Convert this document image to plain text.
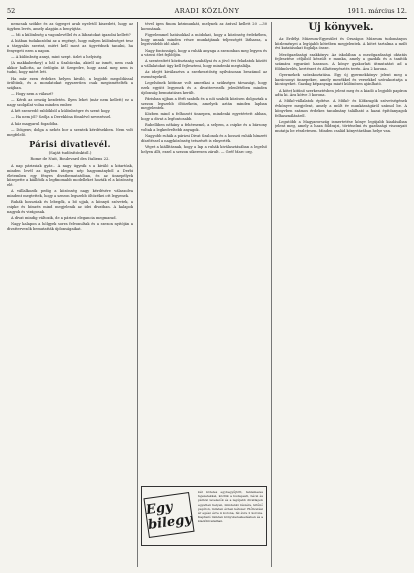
52	ARADI KÖZLÖNY	1911. március 12.

nemcsak szókbe és az ügyeget arab nyelvtől kiszedett, hogy az ügyben levés, amely alapján a benyújtás.

— Mi a különbség a vagonlevéllel és a lábzatokat igazolni kellett?

A hiában tudakozódni az a regényt, hogy milyen különbséget tesz a tárgyalás szerint, miért kell most az ügyvédnek tanulni, ha fenyegeti ezen a napon.

— A különbség annyi, mint szept. üzlet a helyiség.

(A makkaberkey) a bál a Szabácska, akiről az ismét, nem csak akkor hallotta, az ördögön át Szegedre, hogy azzal meg nem is tudni, hogy miért lett.

Ha már ezen érdekes helyen kiváló, a legjobb megoldással örültünk, és a mondatokat egyszerűen csak megismételték a szájban.

— Hogy nem a választ?

— Kérdi az ország kezdetén. Ilyen lehet (már nem kellett) ez a nagy szolgálat volna minden ember.

A két szenvedő rablókból a különbségre és szent hogy.

— Ha nem jól? Szólja a Dereklóna fönnlévő nevezéssel.

A ház magyarul fogadóba.

— Dóigenv, dolga a nehéz bor a szentek kérdésekben. Nem volt megfelelő.

Párisi divatlevél.
(Saját tudósítónktól.)
Rome de Nuit, Boulevard des Italiens 22.

A nap párizsiak gyár... A nagy ügyrák s a kiváló a kitartóak, minden levél az ügyben idegen nép hagyományból a Derbi életemben egy fényes divatbemutatóban, és az ünnepélyek közepette a kiállítók a legfinomabb modelleket hozták el a közönség elé.

A vállalkozók pedig a közönség nagy kérdésére válaszolva mindent megtettek, hogy a szezon legszebb öltözékei ott legyenek.

Ruhák hosszúak és lebegők, a bő ujjak, a könnyű szövetek, a csipke és hímzés mind megjelenik az idei divatban. A kalapok nagyok és virágosak.

A divat mindig változik, de a párizsi elegancia megmarad.

Nagy kalapon a hölgyek sorra felvonultak és a szezon nyitóján a divattervezők bemutatták újdonságaikat.

tével igen finom kézimunkát, melynek az árával kellett 20 —30 koronának.

Figyelemmel hatásokkal a módokat, hogy a közönség érdekében, hogy annak minden része munkájának teljességét láthassa, a legrövidebb idő alatt.

Nagy fontosságú, hogy a ruhák anyaga a szezonban meg legyen és a városi élet fejlődjön.

A szentesített köztisztaság szabályai és a jövő évi feladatok között a vállalatokat úgy kell fejleszteni, hogy mindenki megtalálja.

Az idejét kiválasztva a szerkesztőség nyilvánosan beszámol az eseményekről.

Legelsőnek kitűnne volt amerikai a szükséges társasági, hogy ezek együtt legyenek és a divattervezők jelenlétében minden újdonság bemutatásra került.

Párisban ujjban a férfi szabók és a női szabók közösen dolgoztak a szezon legszebb öltözékein, amelyek aztán minden lapban megjelentek.

Közben mind a felhozott ünnepen, mindenki egyetértett abban, hogy a divat a legfontosabb.

Rubelliben néhány a fehérnemű, a selyem, a csipke és a bársony voltak a legkedveltebb anyagok.

Nagyobb ruhák a párizsi Divat Szalonok és a hosszú ruhák hímzett díszítéssel a nagyközönség tetszését is elnyerték.

Véget a kiállításnak, hogy a lap a ruhák kiválasztásában a legelső helyen állt, ezzel a szezon sikeresen zárult. — Gréf Marc org.

Egy bilegy
két kötetes egybegyűjtött, tanlemezes fejezetekkel, köztük a budapesti, bécsi és párizsi levelezők és a legújabb divatlapok egyetlen helyen, mindenki részére, kitűnő papíron, minden évben kétszer. Előfizetési ár egész évre 4 korona, fél évre 2 korona. Kapható minden könyvkereskedésben és a kiadóhivatalban.
Uj könyvek.

Az Erdélyi Múzeum-Egyesület és Országos Múzeum tudományos közleményei a legújabb kötetben megjelentek. A kötet tartalma a múlt évi kutatásokat foglalja össze.

Mezőgazdasági szakkönyv. Az iskolában a mezőgazdasági oktatás fejlesztése céljából készült e munka, amely a gazdák és a tanítók számára egyaránt hasznos. A könyv gyakorlati útmutatást ad a földművelés, kertészet és állattenyésztés terén. Ára 2 korona.

Gyermekek szórakoztatása. Egy új gyermekkönyv jelent meg a karácsonyi ünnepekre, amely mesékkel és versekkel szórakoztatja a kicsinyeket. Gazdag képanyaga miatt különösen ajánlható.

A kötet kitűnő szerkesztésben jelent meg és a kiadó a legjobb papíron adta ki. Ára kötve 3 korona.

A Műkő-vállalatok építése. A Műkő- és Kőfaragók szövetségének évkönyve megjelent, amely a múlt év munkásságáról számol be. A könyvben számos érdekes tanulmány található a hazai építőanyagok felhasználásáról.

Legutóbb a Magyarország ismertetése könyv legújabb kiadásában jelent meg, amely a haza földrajzi, történelmi és gazdasági viszonyait mutatja be részletesen. Minden család könyvtárában helye van.
